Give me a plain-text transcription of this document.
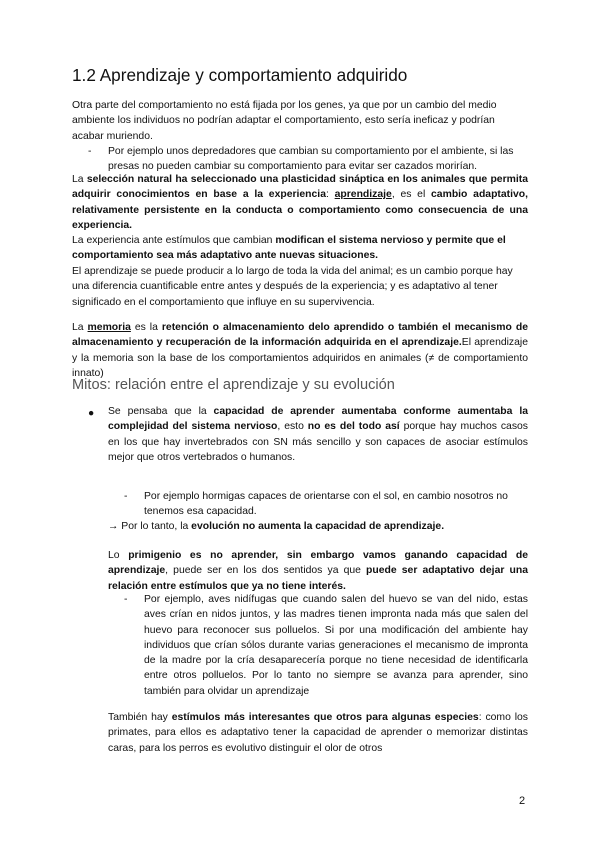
1.2 Aprendizaje y comportamiento adquirido

Otra parte del comportamiento no está fijada por los genes, ya que por un cambio del medio ambiente los individuos no podrían adaptar el comportamiento, esto sería ineficaz y podrían acabar muriendo.

- Por ejemplo unos depredadores que cambian su comportamiento por el ambiente, si las presas no pueden cambiar su comportamiento para evitar ser cazados morirían.

La selección natural ha seleccionado una plasticidad sináptica en los animales que permita adquirir conocimientos en base a la experiencia: aprendizaje, es el cambio adaptativo, relativamente persistente en la conducta o comportamiento como consecuencia de una experiencia.

La experiencia ante estímulos que cambian modifican el sistema nervioso y permite que el comportamiento sea más adaptativo ante nuevas situaciones.

El aprendizaje se puede producir a lo largo de toda la vida del animal; es un cambio porque hay una diferencia cuantificable entre antes y después de la experiencia; y es adaptativo al tener significado en el comportamiento que influye en su supervivencia.

La memoria es la retención o almacenamiento delo aprendido o también el mecanismo de almacenamiento y recuperación de la información adquirida en el aprendizaje.El aprendizaje y la memoria son la base de los comportamientos adquiridos en animales (≠ de comportamiento innato)

Mitos: relación entre el aprendizaje y su evolución
● Se pensaba que la capacidad de aprender aumentaba conforme aumentaba la complejidad del sistema nervioso, esto no es del todo así porque hay muchos casos en los que hay invertebrados con SN más sencillo y son capaces de asociar estímulos mejor que otros vertebrados o humanos.

- Por ejemplo hormigas capaces de orientarse con el sol, en cambio nosotros no tenemos esa capacidad.

→ Por lo tanto, la evolución no aumenta la capacidad de aprendizaje.

Lo primigenio es no aprender, sin embargo vamos ganando capacidad de aprendizaje, puede ser en los dos sentidos ya que puede ser adaptativo dejar una relación entre estímulos que ya no tiene interés.

- Por ejemplo, aves nidífugas que cuando salen del huevo se van del nido, estas aves crían en nidos juntos, y las madres tienen impronta nada más que salen del huevo para reconocer sus polluelos. Si por una modificación del ambiente hay individuos que crían sólos durante varias generaciones el mecanismo de impronta de la madre por la cría desaparecería porque no tiene necesidad de identificarla entre otros polluelos. Por lo tanto no siempre se avanza para aprender, sino también para olvidar un aprendizaje

También hay estímulos más interesantes que otros para algunas especies: como los primates, para ellos es adaptativo tener la capacidad de aprender o memorizar distintas caras, para los perros es evolutivo distinguir el olor de otros

2
